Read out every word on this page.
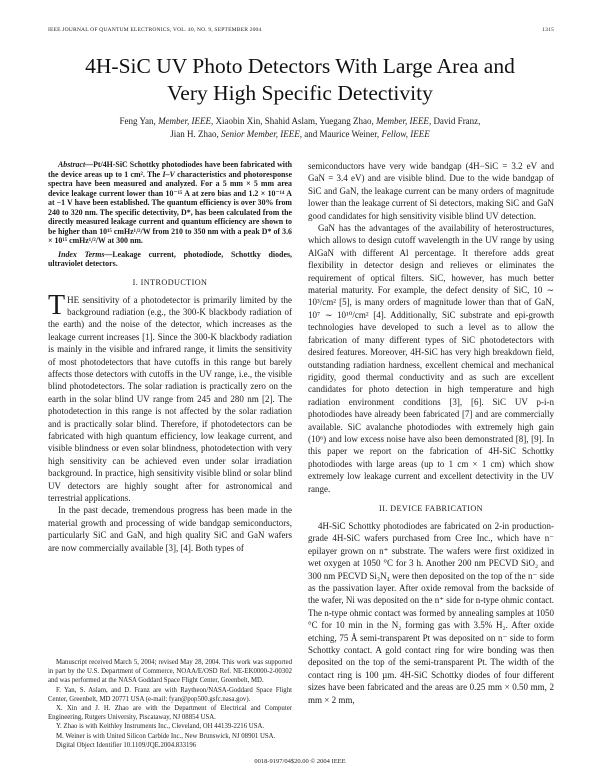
IEEE JOURNAL OF QUANTUM ELECTRONICS, VOL. 40, NO. 9, SEPTEMBER 2004	1315
4H-SiC UV Photo Detectors With Large Area and
Very High Specific Detectivity
Feng Yan, Member, IEEE, Xiaobin Xin, Shahid Aslam, Yuegang Zhao, Member, IEEE, David Franz,
Jian H. Zhao, Senior Member, IEEE, and Maurice Weiner, Fellow, IEEE

Abstract—Pt/4H-SiC Schottky photodiodes have been fabricated with the device areas up to 1 cm². The I–V characteristics and photoresponse spectra have been measured and analyzed. For a 5 mm × 5 mm area device leakage current lower than 10⁻¹⁵ A at zero bias and 1.2 × 10⁻¹⁴ A at −1 V have been established. The quantum efficiency is over 30% from 240 to 320 nm. The specific detectivity, D*, has been calculated from the directly measured leakage current and quantum efficiency are shown to be higher than 10¹⁵ cmHz¹/²/W from 210 to 350 nm with a peak D* of 3.6 × 10¹⁵ cmHz¹/²/W at 300 nm.

Index Terms—Leakage current, photodiode, Schottky diodes, ultraviolet detectors.

I. INTRODUCTION

THE sensitivity of a photodetector is primarily limited by the background radiation (e.g., the 300-K blackbody radiation of the earth) and the noise of the detector, which increases as the leakage current increases [1]. Since the 300-K blackbody radiation is mainly in the visible and infrared range, it limits the sensitivity of most photodetectors that have cutoffs in this range but barely affects those detectors with cutoffs in the UV range, i.e., the visible blind photodetectors. The solar radiation is practically zero on the earth in the solar blind UV range from 245 and 280 nm [2]. The photodetection in this range is not affected by the solar radiation and is practically solar blind. Therefore, if photodetectors can be fabricated with high quantum efficiency, low leakage current, and visible blindness or even solar blindness, photodetection with very high sensitivity can be achieved even under solar irradiation background. In practice, high sensitivity visible blind or solar blind UV detectors are highly sought after for astronomical and terrestrial applications.

In the past decade, tremendous progress has been made in the material growth and processing of wide bandgap semiconductors, particularly SiC and GaN, and high quality SiC and GaN wafers are now commercially available [3], [4]. Both types of

Manuscript received March 5, 2004; revised May 28, 2004. This work was supported in part by the U.S. Department of Commerce, NOAA/E/OSD Ref. NE-EK0000-2-00302 and was performed at the NASA Goddard Space Flight Center, Greenbelt, MD.

F. Yan, S. Aslam, and D. Franz are with Raytheon/NASA-Goddard Space Flight Center, Greenbelt, MD 20771 USA (e-mail: fyan@pop500.gsfc.nasa.gov).

X. Xin and J. H. Zhao are with the Department of Electrical and Computer Engineering, Rutgers University, Piscataway, NJ 08854 USA.

Y. Zhao is with Keithley Instruments Inc., Cleveland, OH 44139-2216 USA.

M. Weiner is with United Silicon Carbide Inc., New Brunswick, NJ 08901 USA.

Digital Object Identifier 10.1109/JQE.2004.833196

semiconductors have very wide bandgap (4H−SiC = 3.2 eV and GaN = 3.4 eV) and are visible blind. Due to the wide bandgap of SiC and GaN, the leakage current can be many orders of magnitude lower than the leakage current of Si detectors, making SiC and GaN good candidates for high sensitivity visible blind UV detection.

GaN has the advantages of the availability of heterostructures, which allows to design cutoff wavelength in the UV range by using AlGaN with different Al percentage. It therefore adds great flexibility in detector design and relieves or eliminates the requirement of optical filters. SiC, however, has much better material maturity. For example, the defect density of SiC, 10 ∼ 10³/cm² [5], is many orders of magnitude lower than that of GaN, 10⁷ ∼ 10¹⁰/cm² [4]. Additionally, SiC substrate and epi-growth technologies have developed to such a level as to allow the fabrication of many different types of SiC photodetectors with desired features. Moreover, 4H-SiC has very high breakdown field, outstanding radiation hardness, excellent chemical and mechanical rigidity, good thermal conductivity and as such are excellent candidates for photo detection in high temperature and high radiation environment conditions [3], [6]. SiC UV p-i-n photodiodes have already been fabricated [7] and are commercially available. SiC avalanche photodiodes with extremely high gain (10⁶) and low excess noise have also been demonstrated [8], [9]. In this paper we report on the fabrication of 4H-SiC Schottky photodiodes with large areas (up to 1 cm × 1 cm) which show extremely low leakage current and excellent detectivity in the UV range.

II. DEVICE FABRICATION

4H-SiC Schottky photodiodes are fabricated on 2-in production-grade 4H-SiC wafers purchased from Cree Inc., which have n⁻ epilayer grown on n⁺ substrate. The wafers were first oxidized in wet oxygen at 1050 °C for 3 h. Another 200 nm PECVD SiO₂ and 300 nm PECVD Si₃N₄ were then deposited on the top of the n⁻ side as the passivation layer. After oxide removal from the backside of the wafer, Ni was deposited on the n⁺ side for n-type ohmic contact. The n-type ohmic contact was formed by annealing samples at 1050 °C for 10 min in the N₂ forming gas with 3.5% H₂. After oxide etching, 75 Å semi-transparent Pt was deposited on n⁻ side to form Schottky contact. A gold contact ring for wire bonding was then deposited on the top of the semi-transparent Pt. The width of the contact ring is 100 µm. 4H-SiC Schottky diodes of four different sizes have been fabricated and the areas are 0.25 mm × 0.50 mm, 2 mm × 2 mm,

0018-9197/04$20.00 © 2004 IEEE
